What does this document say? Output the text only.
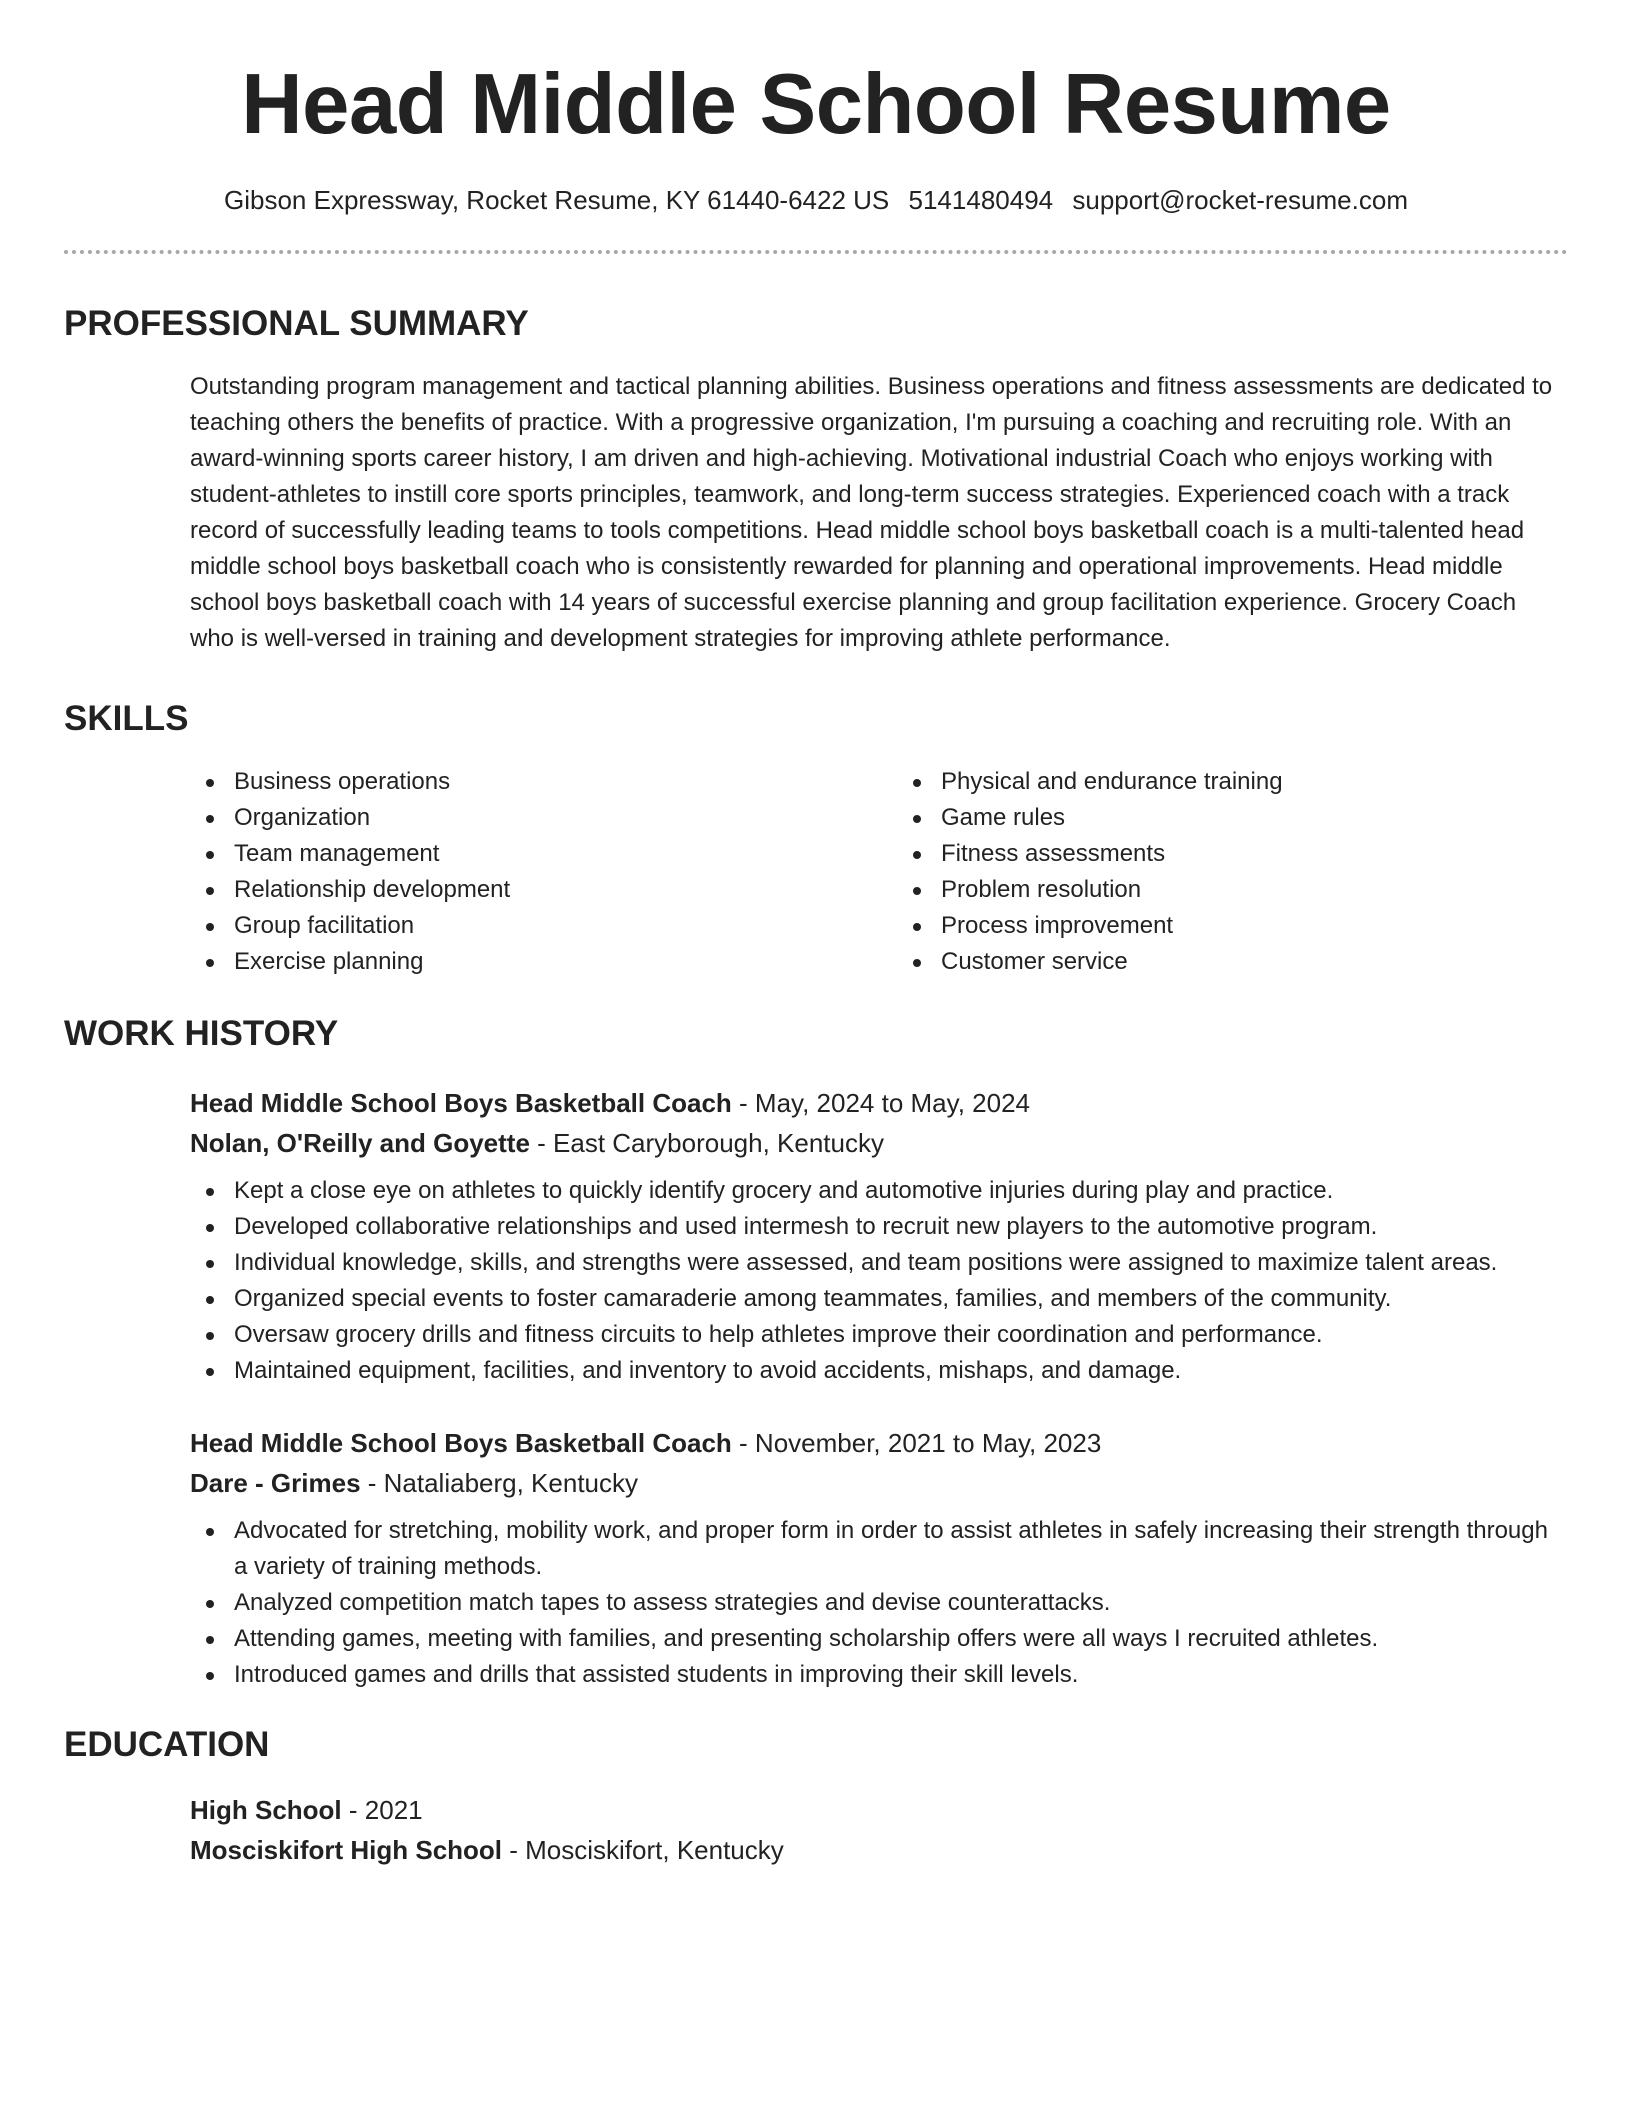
Head Middle School Resume
Gibson Expressway, Rocket Resume, KY 61440-6422 US 5141480494 support@rocket-resume.com
PROFESSIONAL SUMMARY

Outstanding program management and tactical planning abilities. Business operations and fitness assessments are dedicated to teaching others the benefits of practice. With a progressive organization, I'm pursuing a coaching and recruiting role. With an award-winning sports career history, I am driven and high-achieving. Motivational industrial Coach who enjoys working with student-athletes to instill core sports principles, teamwork, and long-term success strategies. Experienced coach with a track record of successfully leading teams to tools competitions. Head middle school boys basketball coach is a multi-talented head middle school boys basketball coach who is consistently rewarded for planning and operational improvements. Head middle school boys basketball coach with 14 years of successful exercise planning and group facilitation experience. Grocery Coach who is well-versed in training and development strategies for improving athlete performance.

SKILLS
Business operations
Organization
Team management
Relationship development
Group facilitation
Exercise planning
Physical and endurance training
Game rules
Fitness assessments
Problem resolution
Process improvement
Customer service
WORK HISTORY
Head Middle School Boys Basketball Coach - May, 2024 to May, 2024
Nolan, O'Reilly and Goyette - East Caryborough, Kentucky
Kept a close eye on athletes to quickly identify grocery and automotive injuries during play and practice.
Developed collaborative relationships and used intermesh to recruit new players to the automotive program.
Individual knowledge, skills, and strengths were assessed, and team positions were assigned to maximize talent areas.
Organized special events to foster camaraderie among teammates, families, and members of the community.
Oversaw grocery drills and fitness circuits to help athletes improve their coordination and performance.
Maintained equipment, facilities, and inventory to avoid accidents, mishaps, and damage.
Head Middle School Boys Basketball Coach - November, 2021 to May, 2023
Dare - Grimes - Nataliaberg, Kentucky
Advocated for stretching, mobility work, and proper form in order to assist athletes in safely increasing their strength through a variety of training methods.
Analyzed competition match tapes to assess strategies and devise counterattacks.
Attending games, meeting with families, and presenting scholarship offers were all ways I recruited athletes.
Introduced games and drills that assisted students in improving their skill levels.
EDUCATION
High School - 2021
Mosciskifort High School - Mosciskifort, Kentucky
